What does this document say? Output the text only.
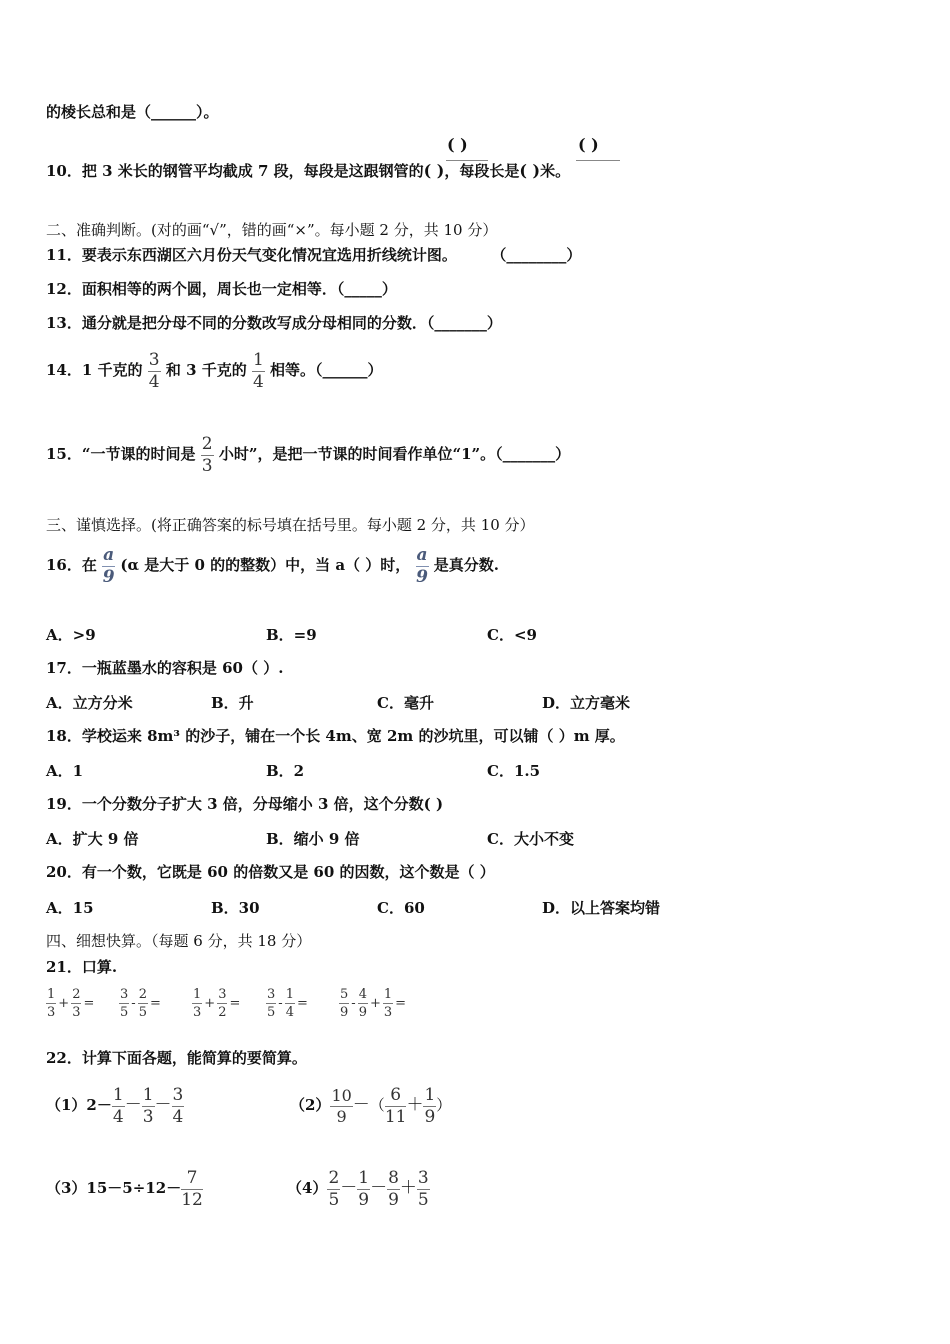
的棱长总和是（______）。
( )	( )
10．把 3 米长的钢管平均截成 7 段，每段是这跟钢管的( )，每段长是( )米。
二、准确判断。(对的画“√”，错的画“×”。每小题 2 分，共 10 分）
11．要表示东西湖区六月份天气变化情况宜选用折线统计图。	（________）
12．面积相等的两个圆，周长也一定相等．（_____）
13．通分就是把分母不同的分数改写成分母相同的分数．（_______）
14．1 千克的 $\frac{3}{4}$ 和 3 千克的 $\frac{1}{4}$ 相等。（______）
15．“一节课的时间是 $\frac{2}{3}$ 小时”，是把一节课的时间看作单位“1”。（_______）
三、谨慎选择。(将正确答案的标号填在括号里。每小题 2 分，共 10 分）
16．在 $\frac{a}{9} (\alpha$ 是大于 0 的的整数）中，当 a（ ）时， $\frac{a}{9}$ 是真分数.
A．>9	B．=9	C．<9
17．一瓶蓝墨水的容积是 60（ ）.
A．立方分米	B．升	C．毫升	D．立方毫米
18．学校运来 8m³ 的沙子，铺在一个长 4m、宽 2m 的沙坑里，可以铺（ ）m 厚。
A．1	B．2	C．1.5
19．一个分数分子扩大 3 倍，分母缩小 3 倍，这个分数( )
A．扩大 9 倍	B．缩小 9 倍	C．大小不变
20．有一个数，它既是 60 的倍数又是 60 的因数，这个数是（ ）
A．15	B．30	C．60	D．以上答案均错
四、细想快算。（每题 6 分，共 18 分）
21．口算.
$\frac{1}{3} + \frac{2}{3} = \frac{3}{5} - \frac{2}{5} = \frac{1}{3} + \frac{3}{2} = \frac{3}{5} - \frac{1}{4} = \frac{5}{9} - \frac{4}{9} + \frac{1}{3}$ =
22．计算下面各题，能简算的要简算。
$(1)2- \frac{1}{4} - \frac{1}{3} - \frac{3}{4}$	$(2) \frac{10}{9}$ －（ $\frac{6}{11} + \frac{1}{9}$ ）
$(3)15-5\div 12- \frac{7}{12}$	$(4) \frac{2}{5} - \frac{1}{9} - \frac{8}{9} + \frac{3}{5}$
